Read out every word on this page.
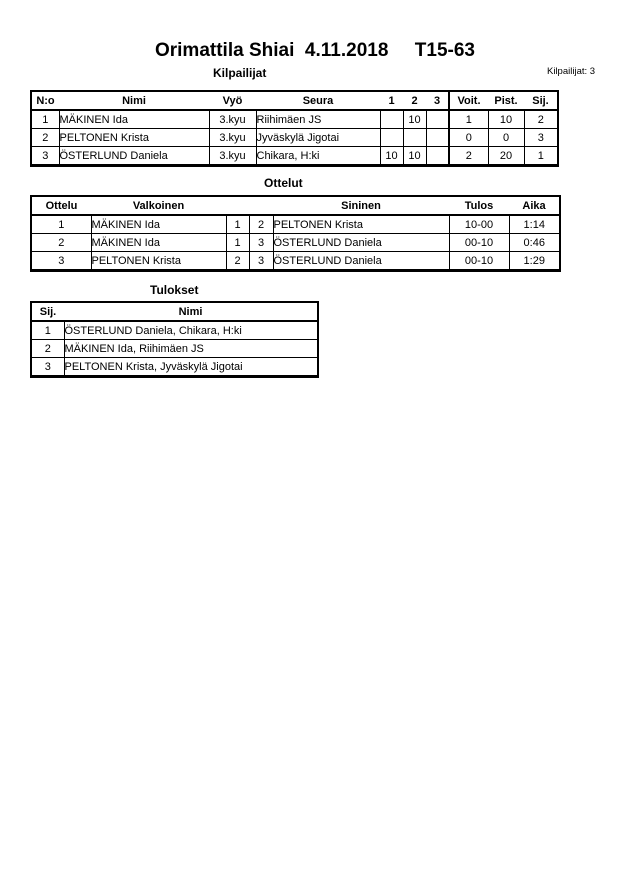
Orimattila Shiai  4.11.2018     T15-63
Kilpailijat	Kilpailijat: 3
N:o	Nimi	Vyö	Seura	1	2	3	Voit.	Pist.	Sij.
1	MÄKINEN Ida	3.kyu	Riihimäen JS		10		1	10	2
2	PELTONEN Krista	3.kyu	Jyväskylä Jigotai				0	0	3
3	ÖSTERLUND Daniela	3.kyu	Chikara, H:ki	10	10		2	20	1
Ottelut
Ottelu	Valkoinen			Sininen	Tulos	Aika
1	MÄKINEN Ida	1	2	PELTONEN Krista	10-00	1:14
2	MÄKINEN Ida	1	3	ÖSTERLUND Daniela	00-10	0:46
3	PELTONEN Krista	2	3	ÖSTERLUND Daniela	00-10	1:29
Tulokset
Sij.	Nimi
1	ÖSTERLUND Daniela, Chikara, H:ki
2	MÄKINEN Ida, Riihimäen JS
3	PELTONEN Krista, Jyväskylä Jigotai
